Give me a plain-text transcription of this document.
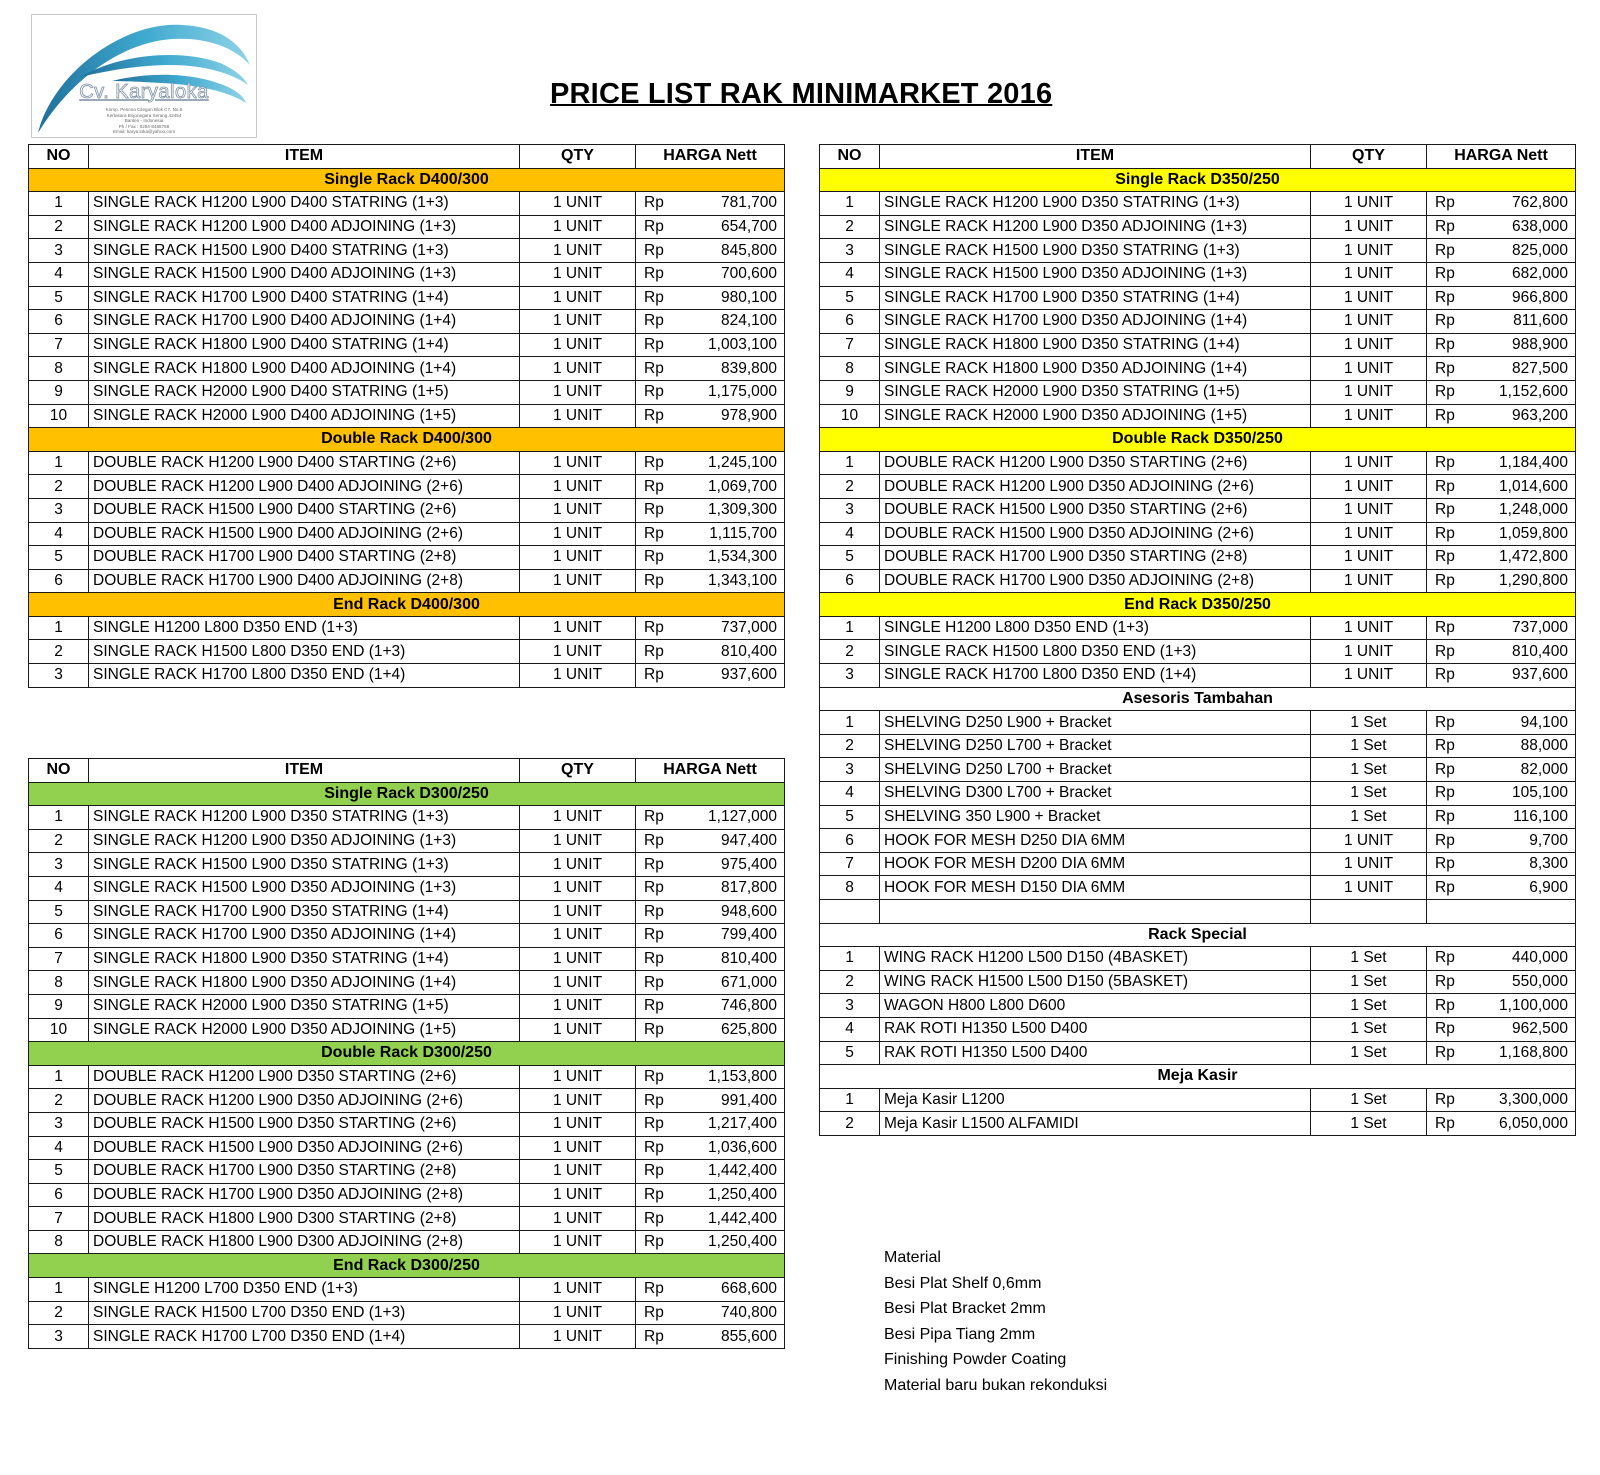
Cv. Karyaloka
Komp. Pesona Cilegon Blok C7. No.5
Kertasara Bojonegara Serang.42454
Banten - Indonesia
Ph / Fax : 0254-8488788
Email: karya.loka@yahoo.com
PRICE LIST RAK MINIMARKET 2016
NO	ITEM	QTY	HARGA Nett
Single Rack D400/300			
1	SINGLE RACK H1200 L900 D400 STATRING (1+3)	1 UNIT	Rp 781,700

2	SINGLE RACK H1200 L900 D400 ADJOINING (1+3)	1 UNIT	Rp 654,700

3	SINGLE RACK H1500 L900 D400 STATRING (1+3)	1 UNIT	Rp 845,800

4	SINGLE RACK H1500 L900 D400 ADJOINING (1+3)	1 UNIT	Rp 700,600

5	SINGLE RACK H1700 L900 D400 STATRING (1+4)	1 UNIT	Rp 980,100

6	SINGLE RACK H1700 L900 D400 ADJOINING (1+4)	1 UNIT	Rp 824,100

7	SINGLE RACK H1800 L900 D400 STATRING (1+4)	1 UNIT	Rp 1,003,100

8	SINGLE RACK H1800 L900 D400 ADJOINING (1+4)	1 UNIT	Rp 839,800

9	SINGLE RACK H2000 L900 D400 STATRING (1+5)	1 UNIT	Rp 1,175,000

10	SINGLE RACK H2000 L900 D400 ADJOINING (1+5)	1 UNIT	Rp 978,900

Double Rack D400/300			
1	DOUBLE RACK H1200 L900 D400 STARTING (2+6)	1 UNIT	Rp 1,245,100

2	DOUBLE RACK H1200 L900 D400 ADJOINING (2+6)	1 UNIT	Rp 1,069,700

3	DOUBLE RACK H1500 L900 D400 STARTING (2+6)	1 UNIT	Rp 1,309,300

4	DOUBLE RACK H1500 L900 D400 ADJOINING (2+6)	1 UNIT	Rp 1,115,700

5	DOUBLE RACK H1700 L900 D400 STARTING (2+8)	1 UNIT	Rp 1,534,300

6	DOUBLE RACK H1700 L900 D400 ADJOINING (2+8)	1 UNIT	Rp 1,343,100

End Rack D400/300			
1	SINGLE H1200 L800 D350 END (1+3)	1 UNIT	Rp 737,000

2	SINGLE RACK H1500 L800 D350 END (1+3)	1 UNIT	Rp 810,400

3	SINGLE RACK H1700 L800 D350 END (1+4)	1 UNIT	Rp 937,600
NO	ITEM	QTY	HARGA Nett
Single Rack D300/250			
1	SINGLE RACK H1200 L900 D350 STATRING (1+3)	1 UNIT	Rp 1,127,000

2	SINGLE RACK H1200 L900 D350 ADJOINING (1+3)	1 UNIT	Rp 947,400

3	SINGLE RACK H1500 L900 D350 STATRING (1+3)	1 UNIT	Rp 975,400

4	SINGLE RACK H1500 L900 D350 ADJOINING (1+3)	1 UNIT	Rp 817,800

5	SINGLE RACK H1700 L900 D350 STATRING (1+4)	1 UNIT	Rp 948,600

6	SINGLE RACK H1700 L900 D350 ADJOINING (1+4)	1 UNIT	Rp 799,400

7	SINGLE RACK H1800 L900 D350 STATRING (1+4)	1 UNIT	Rp 810,400

8	SINGLE RACK H1800 L900 D350 ADJOINING (1+4)	1 UNIT	Rp 671,000

9	SINGLE RACK H2000 L900 D350 STATRING (1+5)	1 UNIT	Rp 746,800

10	SINGLE RACK H2000 L900 D350 ADJOINING (1+5)	1 UNIT	Rp 625,800

Double Rack D300/250			
1	DOUBLE RACK H1200 L900 D350 STARTING (2+6)	1 UNIT	Rp 1,153,800

2	DOUBLE RACK H1200 L900 D350 ADJOINING (2+6)	1 UNIT	Rp 991,400

3	DOUBLE RACK H1500 L900 D350 STARTING (2+6)	1 UNIT	Rp 1,217,400

4	DOUBLE RACK H1500 L900 D350 ADJOINING (2+6)	1 UNIT	Rp 1,036,600

5	DOUBLE RACK H1700 L900 D350 STARTING (2+8)	1 UNIT	Rp 1,442,400

6	DOUBLE RACK H1700 L900 D350 ADJOINING (2+8)	1 UNIT	Rp 1,250,400

7	DOUBLE RACK H1800 L900 D300 STARTING (2+8)	1 UNIT	Rp 1,442,400

8	DOUBLE RACK H1800 L900 D300 ADJOINING (2+8)	1 UNIT	Rp 1,250,400

End Rack D300/250			
1	SINGLE H1200 L700 D350 END (1+3)	1 UNIT	Rp 668,600

2	SINGLE RACK H1500 L700 D350 END (1+3)	1 UNIT	Rp 740,800

3	SINGLE RACK H1700 L700 D350 END (1+4)	1 UNIT	Rp 855,600
NO	ITEM	QTY	HARGA Nett
Single Rack D350/250			
1	SINGLE RACK H1200 L900 D350 STATRING (1+3)	1 UNIT	Rp 762,800

2	SINGLE RACK H1200 L900 D350 ADJOINING (1+3)	1 UNIT	Rp 638,000

3	SINGLE RACK H1500 L900 D350 STATRING (1+3)	1 UNIT	Rp 825,000

4	SINGLE RACK H1500 L900 D350 ADJOINING (1+3)	1 UNIT	Rp 682,000

5	SINGLE RACK H1700 L900 D350 STATRING (1+4)	1 UNIT	Rp 966,800

6	SINGLE RACK H1700 L900 D350 ADJOINING (1+4)	1 UNIT	Rp 811,600

7	SINGLE RACK H1800 L900 D350 STATRING (1+4)	1 UNIT	Rp 988,900

8	SINGLE RACK H1800 L900 D350 ADJOINING (1+4)	1 UNIT	Rp 827,500

9	SINGLE RACK H2000 L900 D350 STATRING (1+5)	1 UNIT	Rp 1,152,600

10	SINGLE RACK H2000 L900 D350 ADJOINING (1+5)	1 UNIT	Rp 963,200

Double Rack D350/250			
1	DOUBLE RACK H1200 L900 D350 STARTING (2+6)	1 UNIT	Rp 1,184,400

2	DOUBLE RACK H1200 L900 D350 ADJOINING (2+6)	1 UNIT	Rp 1,014,600

3	DOUBLE RACK H1500 L900 D350 STARTING (2+6)	1 UNIT	Rp 1,248,000

4	DOUBLE RACK H1500 L900 D350 ADJOINING (2+6)	1 UNIT	Rp 1,059,800

5	DOUBLE RACK H1700 L900 D350 STARTING (2+8)	1 UNIT	Rp 1,472,800

6	DOUBLE RACK H1700 L900 D350 ADJOINING (2+8)	1 UNIT	Rp 1,290,800

End Rack D350/250			
1	SINGLE H1200 L800 D350 END (1+3)	1 UNIT	Rp 737,000

2	SINGLE RACK H1500 L800 D350 END (1+3)	1 UNIT	Rp 810,400

3	SINGLE RACK H1700 L800 D350 END (1+4)	1 UNIT	Rp 937,600

Asesoris Tambahan			
1	SHELVING D250 L900 + Bracket	1 Set	Rp 94,100

2	SHELVING D250 L700 + Bracket	1 Set	Rp 88,000

3	SHELVING D250 L700 + Bracket	1 Set	Rp 82,000

4	SHELVING D300 L700 + Bracket	1 Set	Rp 105,100

5	SHELVING 350 L900 + Bracket	1 Set	Rp 116,100

6	HOOK FOR MESH D250 DIA 6MM	1 UNIT	Rp 9,700

7	HOOK FOR MESH D200 DIA 6MM	1 UNIT	Rp 8,300

8	HOOK FOR MESH D150 DIA 6MM	1 UNIT	Rp 6,900

Rack Special			
1	WING RACK H1200 L500 D150 (4BASKET)	1 Set	Rp 440,000

2	WING RACK H1500 L500 D150 (5BASKET)	1 Set	Rp 550,000

3	WAGON H800 L800 D600	1 Set	Rp 1,100,000

4	RAK ROTI H1350 L500 D400	1 Set	Rp 962,500

5	RAK ROTI H1350 L500 D400	1 Set	Rp 1,168,800

Meja Kasir			
1	Meja Kasir L1200	1 Set	Rp 3,300,000

2	Meja Kasir L1500 ALFAMIDI	1 Set	Rp 6,050,000
Material
Besi Plat Shelf 0,6mm
Besi Plat Bracket 2mm
Besi Pipa Tiang 2mm
Finishing Powder Coating
Material baru bukan rekonduksi
